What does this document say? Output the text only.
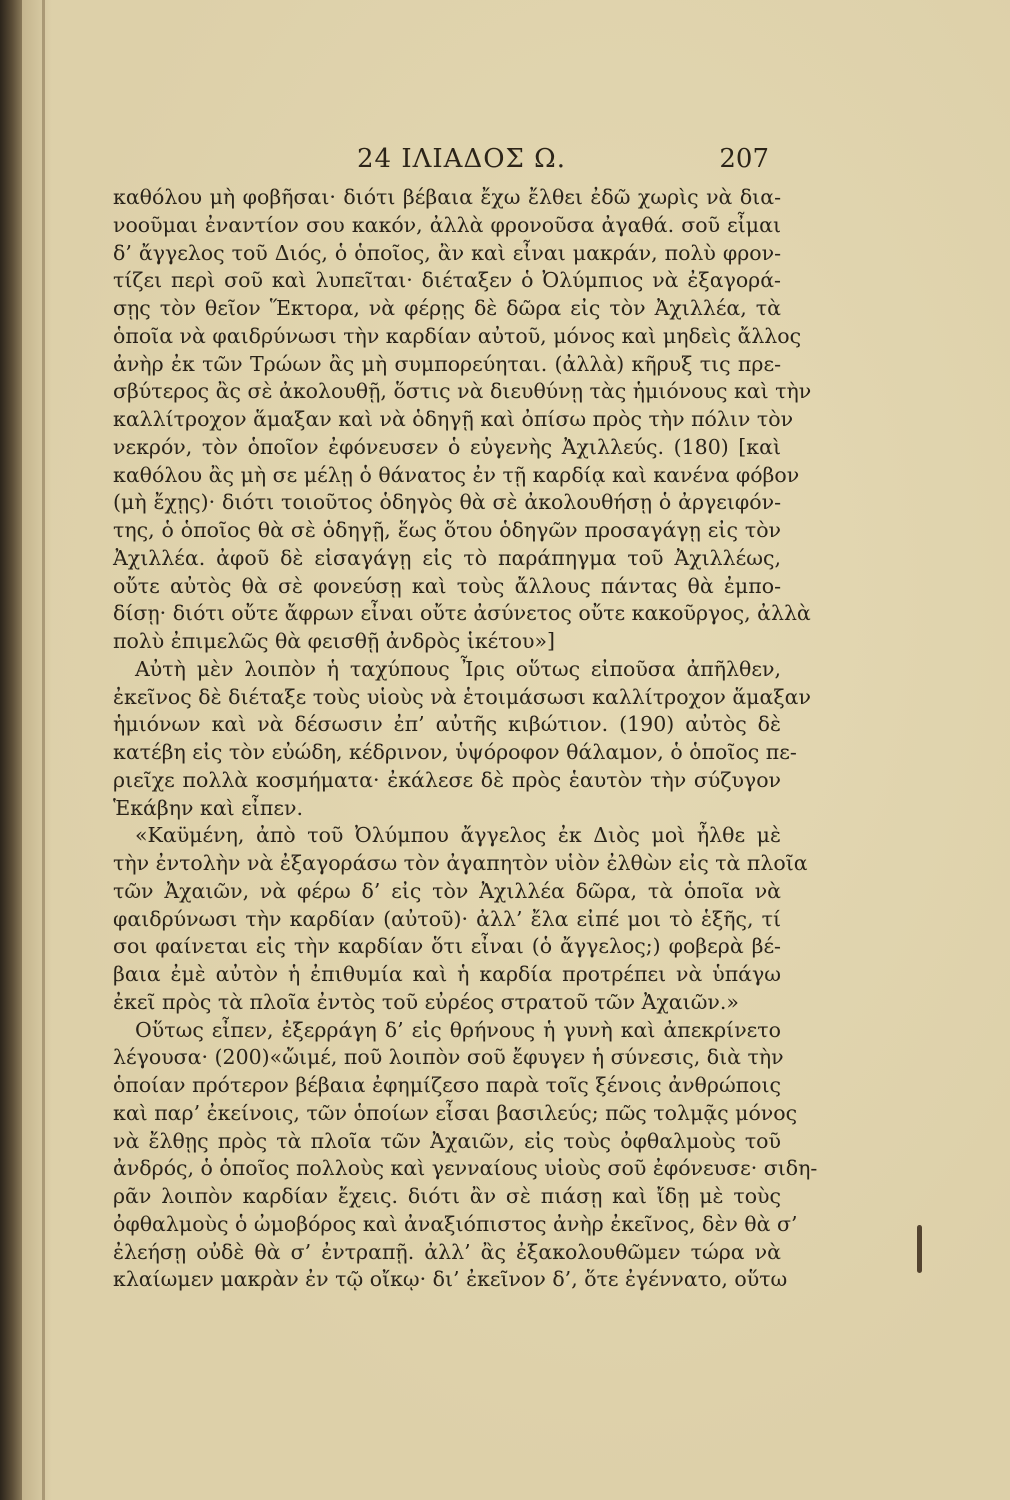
24 ΙΛΙΑΔΟΣ Ω.	207
καθόλου μὴ φοβῆσαι· διότι βέβαια ἔχω ἔλθει ἐδῶ χωρὶς νὰ δια-
νοοῦμαι ἐναντίον σου κακόν, ἀλλὰ φρονοῦσα ἀγαθά. σοῦ εἶμαι
δ’ ἄγγελος τοῦ Διός, ὁ ὁποῖος, ἂν καὶ εἶναι μακράν, πολὺ φρον-
τίζει περὶ σοῦ καὶ λυπεῖται· διέταξεν ὁ Ὀλύμπιος νὰ ἐξαγορά-
σῃς τὸν θεῖον Ἕκτορα, νὰ φέρῃς δὲ δῶρα εἰς τὸν Ἀχιλλέα, τὰ
ὁποῖα νὰ φαιδρύνωσι τὴν καρδίαν αὐτοῦ, μόνος καὶ μηδεὶς ἄλλος
ἀνὴρ ἐκ τῶν Τρώων ἂς μὴ συμπορεύηται. (ἀλλὰ) κῆρυξ τις πρε-
σβύτερος ἂς σὲ ἀκολουθῇ, ὅστις νὰ διευθύνῃ τὰς ἡμιόνους καὶ τὴν
καλλίτροχον ἅμαξαν καὶ νὰ ὁδηγῇ καὶ ὀπίσω πρὸς τὴν πόλιν τὸν
νεκρόν, τὸν ὁποῖον ἐφόνευσεν ὁ εὐγενὴς Ἀχιλλεύς. (180) [καὶ
καθόλου ἂς μὴ σε μέλῃ ὁ θάνατος ἐν τῇ καρδίᾳ καὶ κανένα φόβον
(μὴ ἔχῃς)· διότι τοιοῦτος ὁδηγὸς θὰ σὲ ἀκολουθήσῃ ὁ ἀργειφόν-
της, ὁ ὁποῖος θὰ σὲ ὁδηγῇ, ἕως ὅτου ὁδηγῶν προσαγάγῃ εἰς τὸν
Ἀχιλλέα. ἀφοῦ δὲ εἰσαγάγῃ εἰς τὸ παράπηγμα τοῦ Ἀχιλλέως,
οὔτε αὐτὸς θὰ σὲ φονεύσῃ καὶ τοὺς ἄλλους πάντας θὰ ἐμπο-
δίσῃ· διότι οὔτε ἄφρων εἶναι οὔτε ἀσύνετος οὔτε κακοῦργος, ἀλλὰ
πολὺ ἐπιμελῶς θὰ φεισθῇ ἀνδρὸς ἱκέτου»]
Αὐτὴ μὲν λοιπὸν ἡ ταχύπους Ἶρις οὕτως εἰποῦσα ἀπῆλθεν,
ἐκεῖνος δὲ διέταξε τοὺς υἱοὺς νὰ ἑτοιμάσωσι καλλίτροχον ἅμαξαν
ἡμιόνων καὶ νὰ δέσωσιν ἐπ’ αὐτῆς κιβώτιον. (190) αὐτὸς δὲ
κατέβη εἰς τὸν εὐώδη, κέδρινον, ὑψόροφον θάλαμον, ὁ ὁποῖος πε-
ριεῖχε πολλὰ κοσμήματα· ἐκάλεσε δὲ πρὸς ἑαυτὸν τὴν σύζυγον
Ἑκάβην καὶ εἶπεν.
«Καϋμένη, ἀπὸ τοῦ Ὀλύμπου ἄγγελος ἐκ Διὸς μοὶ ἦλθε μὲ
τὴν ἐντολὴν νὰ ἐξαγοράσω τὸν ἀγαπητὸν υἱὸν ἐλθὼν εἰς τὰ πλοῖα
τῶν Ἀχαιῶν, νὰ φέρω δ’ εἰς τὸν Ἀχιλλέα δῶρα, τὰ ὁποῖα νὰ
φαιδρύνωσι τὴν καρδίαν (αὐτοῦ)· ἀλλ’ ἔλα εἰπέ μοι τὸ ἑξῆς, τί
σοι φαίνεται εἰς τὴν καρδίαν ὅτι εἶναι (ὁ ἄγγελος;) φοβερὰ βέ-
βαια ἐμὲ αὐτὸν ἡ ἐπιθυμία καὶ ἡ καρδία προτρέπει νὰ ὑπάγω
ἐκεῖ πρὸς τὰ πλοῖα ἐντὸς τοῦ εὐρέος στρατοῦ τῶν Ἀχαιῶν.»
Οὕτως εἶπεν, ἐξερράγη δ’ εἰς θρήνους ἡ γυνὴ καὶ ἀπεκρίνετο
λέγουσα· (200)«ὤιμέ, ποῦ λοιπὸν σοῦ ἔφυγεν ἡ σύνεσις, διὰ τὴν
ὁποίαν πρότερον βέβαια ἐφημίζεσο παρὰ τοῖς ξένοις ἀνθρώποις
καὶ παρ’ ἐκείνοις, τῶν ὁποίων εἶσαι βασιλεύς; πῶς τολμᾷς μόνος
νὰ ἔλθῃς πρὸς τὰ πλοῖα τῶν Ἀχαιῶν, εἰς τοὺς ὀφθαλμοὺς τοῦ
ἀνδρός, ὁ ὁποῖος πολλοὺς καὶ γενναίους υἱοὺς σοῦ ἐφόνευσε· σιδη-
ρᾶν λοιπὸν καρδίαν ἔχεις. διότι ἂν σὲ πιάσῃ καὶ ἴδῃ μὲ τοὺς
ὀφθαλμοὺς ὁ ὠμοβόρος καὶ ἀναξιόπιστος ἀνὴρ ἐκεῖνος, δὲν θὰ σ’
ἐλεήσῃ οὐδὲ θὰ σ’ ἐντραπῇ. ἀλλ’ ἂς ἐξακολουθῶμεν τώρα νὰ
κλαίωμεν μακρὰν ἐν τῷ οἴκῳ· δι’ ἐκεῖνον δ’, ὅτε ἐγέννατο, οὕτω
